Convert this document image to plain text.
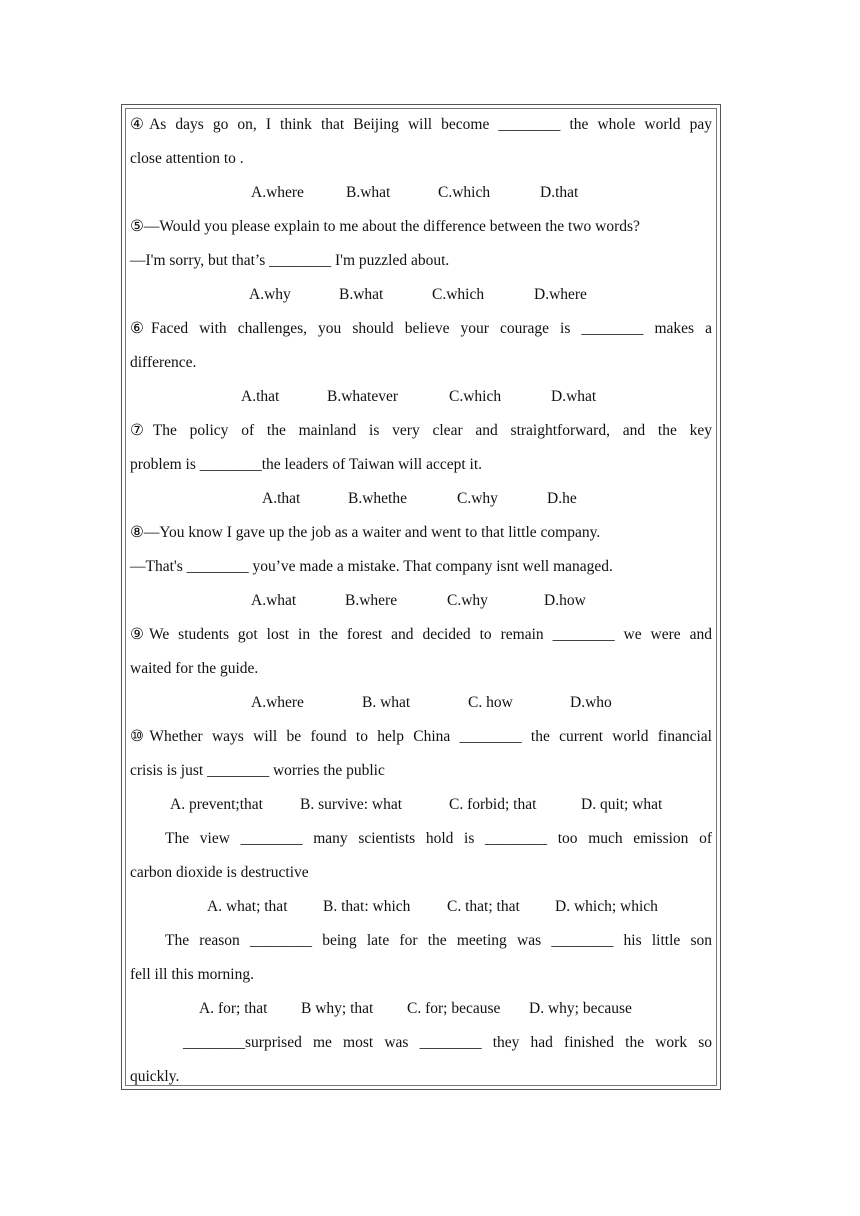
④As days go on, I think that Beijing will become ________ the whole world pay
close attention to .
A.where	B.what	C.which	D.that
⑤—Would you please explain to me about the difference between the two words?
—I'm sorry, but that’s ________ I'm puzzled about.
A.why	B.what	C.which	D.where
⑥Faced with challenges, you should believe your courage is ________ makes a
difference.
A.that	B.whatever	C.which	D.what
⑦The policy of the mainland is very clear and straightforward, and the key
problem is ________the leaders of Taiwan will accept it.
A.that	B.whethe	C.why	D.he
⑧—You know I gave up the job as a waiter and went to that little company.
—That's ________ you’ve made a mistake. That company isnt well managed.
A.what	B.where	C.why	D.how
⑨We students got lost in the forest and decided to remain ________ we were and
waited for the guide.
A.where	B. what	C. how	D.who
⑩Whether ways will be found to help China ________ the current world financial
crisis is just ________ worries the public
A. prevent;that B. survive: what	C. forbid; that	D. quit; what
The view ________ many scientists hold is ________ too much emission of
carbon dioxide is destructive
A. what; that B. that: which C. that; that D. which; which
The reason ________ being late for the meeting was ________ his little son
fell ill this morning.
A. for; that B why; that C. for; because D. why; because
________surprised me most was ________ they had finished the work so
quickly.
